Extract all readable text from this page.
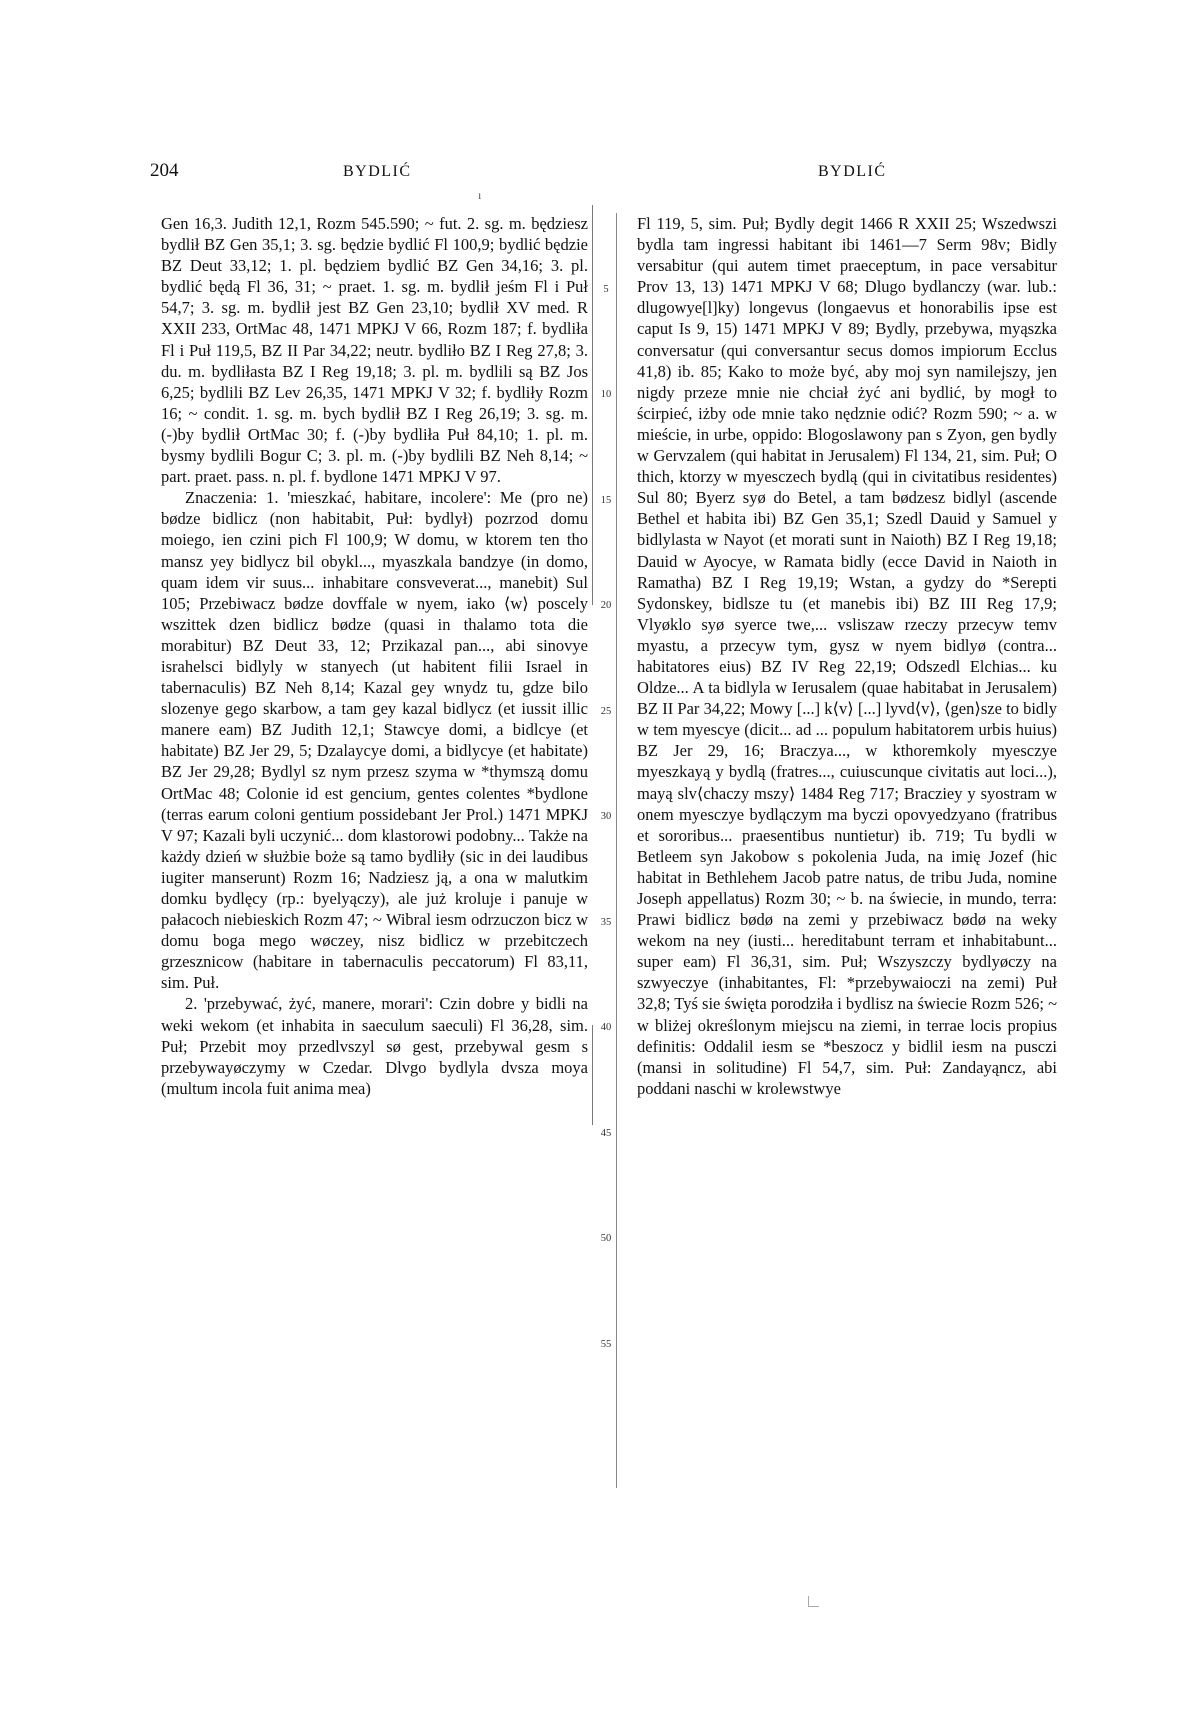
204	BYDLIĆ	BYDLIĆ
ı

Gen 16,3. Judith 12,1, Rozm 545.590; ~ fut. 2. sg. m. będziesz bydlił BZ Gen 35,1; 3. sg. będzie bydlić Fl 100,9; bydlić będzie BZ Deut 33,12; 1. pl. będziem bydlić BZ Gen 34,16; 3. pl. bydlić będą Fl 36, 31; ~ praet. 1. sg. m. bydlił jeśm Fl i Puł 54,7; 3. sg. m. bydlił jest BZ Gen 23,10; bydlił XV med. R XXII 233, OrtMac 48, 1471 MPKJ V 66, Rozm 187; f. bydliła Fl i Puł 119,5, BZ II Par 34,22; neutr. bydliło BZ I Reg 27,8; 3. du. m. bydliłasta BZ I Reg 19,18; 3. pl. m. bydlili są BZ Jos 6,25; bydlili BZ Lev 26,35, 1471 MPKJ V 32; f. bydliły Rozm 16; ~ condit. 1. sg. m. bych bydlił BZ I Reg 26,19; 3. sg. m. (-)by bydlił OrtMac 30; f. (-)by bydliła Puł 84,10; 1. pl. m. bysmy bydlili Bogur C; 3. pl. m. (-)by bydlili BZ Neh 8,14; ~ part. praet. pass. n. pl. f. bydlone 1471 MPKJ V 97.

Znaczenia: 1. 'mieszkać, habitare, incolere': Me (pro ne) bødze bidlicz (non habitabit, Puł: bydlył) pozrzod domu moiego, ien czini pich Fl 100,9; W domu, w ktorem ten tho mansz yey bidlycz bil obykl..., myaszkala bandzye (in domo, quam idem vir suus... inhabitare consveverat..., manebit) Sul 105; Przebiwacz bødze dovffale w nyem, iako ⟨w⟩ poscely wszittek dzen bidlicz bødze (quasi in thalamo tota die morabitur) BZ Deut 33, 12; Przikazal pan..., abi sinovye israhelsci bidlyly w stanyech (ut habitent filii Israel in tabernaculis) BZ Neh 8,14; Kazal gey wnydz tu, gdze bilo slozenye gego skarbow, a tam gey kazal bidlycz (et iussit illic manere eam) BZ Judith 12,1; Stawcye domi, a bidlcye (et habitate) BZ Jer 29, 5; Dzalaycye domi, a bidlycye (et habitate) BZ Jer 29,28; Bydlyl sz nym przesz szyma w *thymszą domu OrtMac 48; Colonie id est gencium, gentes colentes *bydlone (terras earum coloni gentium possidebant Jer Prol.) 1471 MPKJ V 97; Kazali byli uczynić... dom klastorowi podobny... Także na każdy dzień w służbie boże są tamo bydliły (sic in dei laudibus iugiter manserunt) Rozm 16; Nadziesz ją, a ona w malutkim domku bydlęcy (rp.: byelyączy), ale już kroluje i panuje w pałacoch niebieskich Rozm 47; ~ Wibral iesm odrzuczon bicz w domu boga mego wøczey, nisz bidlicz w przebitczech grzesznicow (habitare in tabernaculis peccatorum) Fl 83,11, sim. Puł.

2. 'przebywać, żyć, manere, morari': Czin dobre y bidli na weki wekom (et inhabita in saeculum saeculi) Fl 36,28, sim. Puł; Przebit moy przedlvszyl sø gest, przebywal gesm s przebywayøczymy w Czedar. Dlvgo bydlyla dvsza moya (multum incola fuit anima mea)

5
10
15
20
25
30
35
40
45
50
55

Fl 119, 5, sim. Puł; Bydly degit 1466 R XXII 25; Wszedwszi bydla tam ingressi habitant ibi 1461—7 Serm 98v; Bidly versabitur (qui autem timet praeceptum, in pace versabitur Prov 13, 13) 1471 MPKJ V 68; Dlugo bydlanczy (war. lub.: dlugowye[l]ky) longevus (longaevus et honorabilis ipse est caput Is 9, 15) 1471 MPKJ V 89; Bydly, przebywa, myąszka conversatur (qui conversantur secus domos impiorum Ecclus 41,8) ib. 85; Kako to może być, aby moj syn namilejszy, jen nigdy przeze mnie nie chciał żyć ani bydlić, by mogł to ścirpieć, iżby ode mnie tako nędznie odić? Rozm 590; ~ a. w mieście, in urbe, oppido: Blogoslawony pan s Zyon, gen bydly w Gervzalem (qui habitat in Jerusalem) Fl 134, 21, sim. Puł; O thich, ktorzy w myesczech bydlą (qui in civitatibus residentes) Sul 80; Byerz syø do Betel, a tam bødzesz bidlyl (ascende Bethel et habita ibi) BZ Gen 35,1; Szedl Dauid y Samuel y bidlylasta w Nayot (et morati sunt in Naioth) BZ I Reg 19,18; Dauid w Ayocye, w Ramata bidly (ecce David in Naioth in Ramatha) BZ I Reg 19,19; Wstan, a gydzy do *Serepti Sydonskey, bidlsze tu (et manebis ibi) BZ III Reg 17,9; Vlyøklo syø syerce twe,... vsliszaw rzeczy przecyw temv myastu, a przecyw tym, gysz w nyem bidlyø (contra... habitatores eius) BZ IV Reg 22,19; Odszedl Elchias... ku Oldze... A ta bidlyla w Ierusalem (quae habitabat in Jerusalem) BZ II Par 34,22; Mowy [...] k⟨v⟩ [...] lyvd⟨v⟩, ⟨gen⟩sze to bidly w tem myescye (dicit... ad ... populum habitatorem urbis huius) BZ Jer 29, 16; Braczya..., w kthoremkoly myesczye myeszkayą y bydlą (fratres..., cuiuscunque civitatis aut loci...), mayą slv⟨chaczy mszy⟩ 1484 Reg 717; Bracziey y syostram w onem myesczye bydlączym ma byczi opovyedzyano (fratribus et sororibus... praesentibus nuntietur) ib. 719; Tu bydli w Betleem syn Jakobow s pokolenia Juda, na imię Jozef (hic habitat in Bethlehem Jacob patre natus, de tribu Juda, nomine Joseph appellatus) Rozm 30; ~ b. na świecie, in mundo, terra: Prawi bidlicz bødø na zemi y przebiwacz bødø na weky wekom na ney (iusti... hereditabunt terram et inhabitabunt... super eam) Fl 36,31, sim. Puł; Wszyszczy bydlyøczy na szwyeczye (inhabitantes, Fl: *przebywaioczi na zemi) Puł 32,8; Tyś sie święta porodziła i bydlisz na świecie Rozm 526; ~ w bliżej określonym miejscu na ziemi, in terrae locis propius definitis: Oddalil iesm se *beszocz y bidlil iesm na pusczi (mansi in solitudine) Fl 54,7, sim. Puł: Zandayąncz, abi poddani naschi w krolewstwye
